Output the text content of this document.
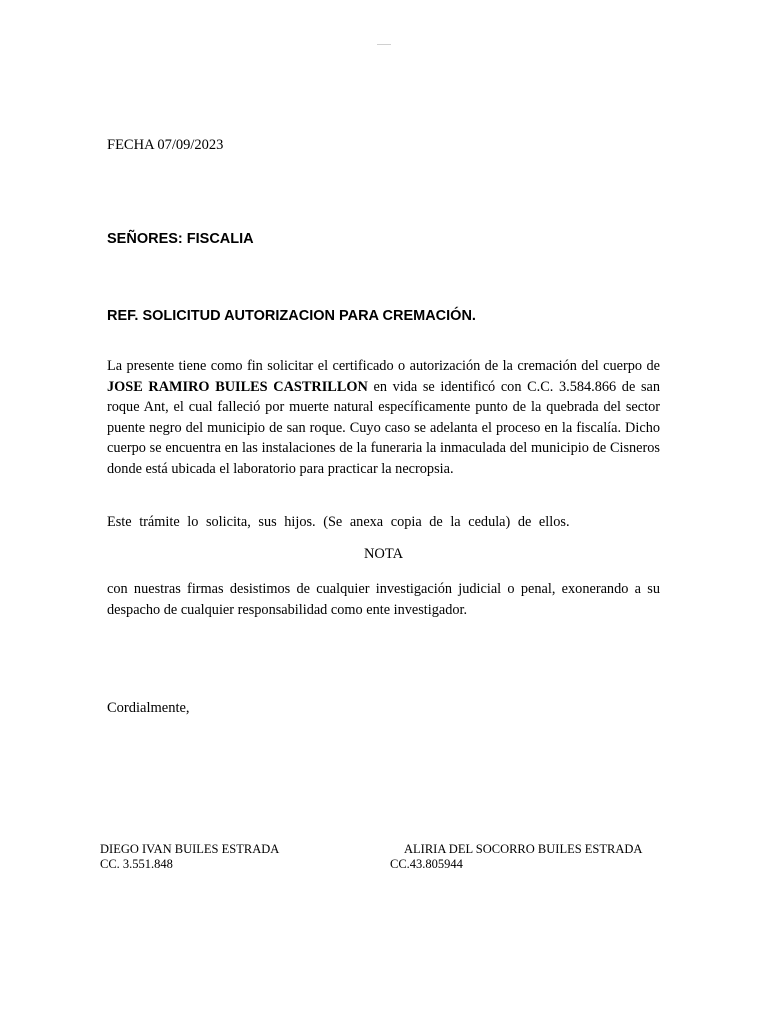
FECHA 07/09/2023
SEÑORES: FISCALIA
REF. SOLICITUD AUTORIZACION PARA CREMACIÓN.
La presente tiene como fin solicitar el certificado o autorización de la cremación del cuerpo de JOSE RAMIRO BUILES CASTRILLON en vida se identificó con C.C. 3.584.866 de san roque Ant, el cual falleció por muerte natural específicamente punto de la quebrada del sector puente negro del municipio de san roque. Cuyo caso se adelanta el proceso en la fiscalía. Dicho cuerpo se encuentra en las instalaciones de la funeraria la inmaculada del municipio de Cisneros donde está ubicada el laboratorio para practicar la necropsia.
Este trámite lo solicita, sus hijos. (Se anexa copia de la cedula) de ellos.
NOTA
con nuestras firmas desistimos de cualquier investigación judicial o penal, exonerando a su despacho de cualquier responsabilidad como ente investigador.
Cordialmente,
DIEGO IVAN BUILES ESTRADA
CC. 3.551.848
ALIRIA DEL SOCORRO BUILES ESTRADA
CC.43.805944
